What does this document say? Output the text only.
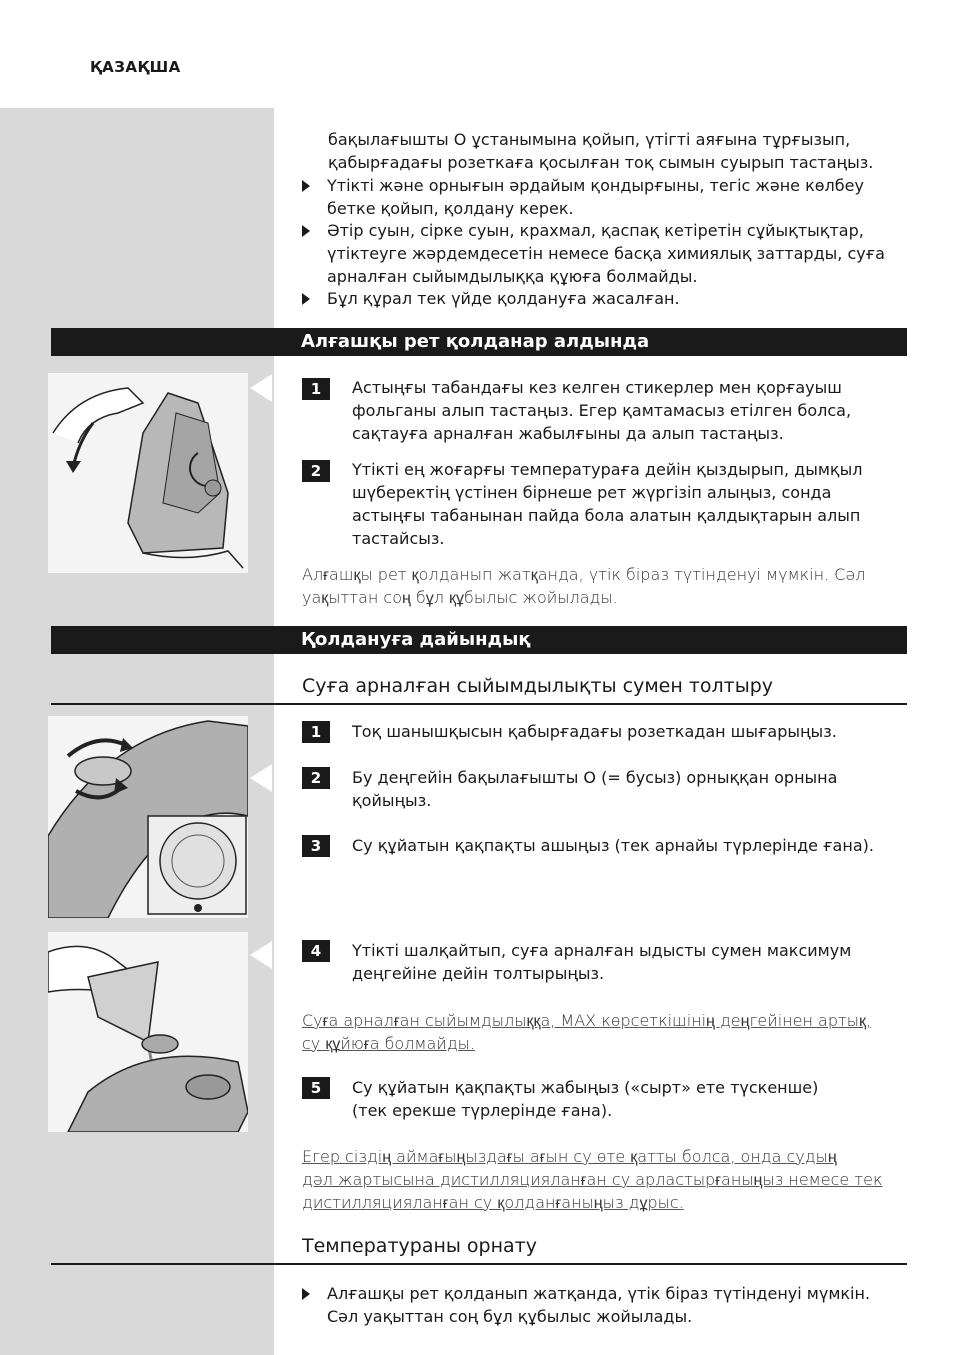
ҚАЗАҚША
бақылағышты O ұстанымына қойып, үтігті аяғына тұрғызып,
қабырғадағы розеткаға қосылған тоқ сымын суырып тастаңыз.
Үтікті және орнығын әрдайым қондырғыны, тегіс және көлбеу
бетке қойып, қолдану керек.
Әтір суын, сірке суын, крахмал, қаспақ кетіретін сұйықтықтар,
үтіктеуге жәрдемдесетін немесе басқа химиялық заттарды, суға
арналған сыйымдылыққа құюға болмайды.
Бұл құрал тек үйде қолдануға жасалған.
Алғашқы рет қолданар алдында
1	Астыңғы табандағы кез келген стикерлер мен қорғауыш
фольганы алып тастаңыз. Егер қамтамасыз етілген болса,
сақтауға арналған жабылғыны да алып тастаңыз.
2	Үтікті ең жоғарғы температураға дейін қыздырып, дымқыл
шүберектің үстінен бірнеше рет жүргізіп алыңыз, сонда
астыңғы табанынан пайда бола алатын қалдықтарын алып
тастайсыз.
Алғашқы рет қолданып жатқанда, үтік біраз түтінденуі мүмкін. Сәл
уақыттан соң бұл құбылыс жойылады.
Қолдануға дайындық
Суға арналған сыйымдылықты сумен толтыру
1	Тоқ шанышқысын қабырғадағы розеткадан шығарыңыз.
2	Бу деңгейін бақылағышты O (= бусыз) орныққан орнына
қойыңыз.
3	Су құйатын қақпақты ашыңыз (тек арнайы түрлерінде ғана).
4	Үтікті шалқайтып, суға арналған ыдысты сумен максимум
деңгейіне дейін толтырыңыз.
Суға арналған сыйымдылыққа, MAX көрсеткішінің деңгейінен артық,
су құйюға болмайды.
5	Су құйатын қақпақты жабыңыз («сырт» ете түскенше)
(тек ерекше түрлерінде ғана).
Егер сіздің аймағыңыздағы ағын су өте қатты болса, онда судың
дәл жартысына дистилляцияланған су арластырғаныңыз немесе тек
дистилляцияланған су қолданғаныңыз дұрыс.
Температураны орнату
Алғашқы рет қолданып жатқанда, үтік біраз түтінденуі мүмкін.
Сәл уақыттан соң бұл құбылыс жойылады.
